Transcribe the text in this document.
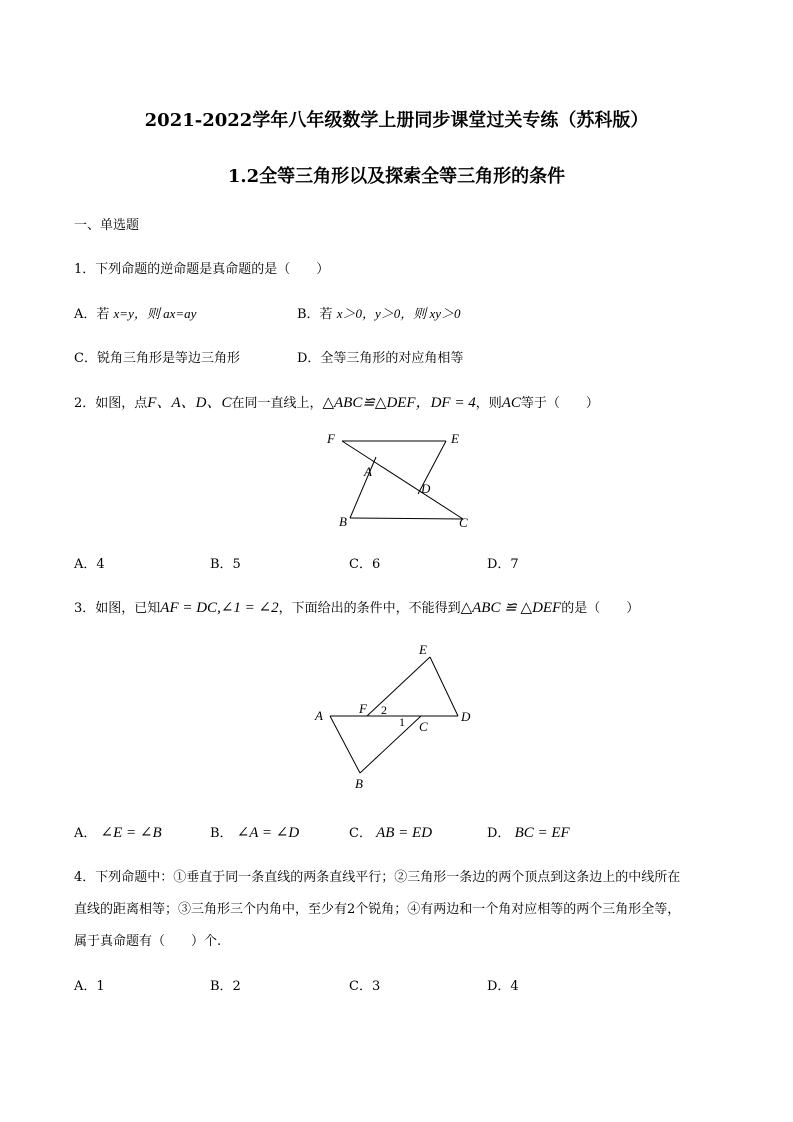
2021-2022学年八年级数学上册同步课堂过关专练（苏科版）
1.2全等三角形以及探索全等三角形的条件
一、单选题
1．下列命题的逆命题是真命题的是（　　）
A．若 x=y，则 ax=ay	B．若 x＞0，y＞0，则 xy＞0
C．锐角三角形是等边三角形	D．全等三角形的对应角相等
2．如图，点F、A、D、C在同一直线上，△ABC≌△DEF，DF = 4，则AC等于（　　）
F	E
A
D
B	C
A．4	B．5	C．6	D．7
3．如图，已知AF = DC,∠1 = ∠2，下面给出的条件中，不能得到△ABC ≌ △DEF的是（　　）
E
A	F 2
1 C
D
B
A． ∠E = ∠B	B． ∠A = ∠D	C． AB = ED	D． BC = EF
4．下列命题中：①垂直于同一条直线的两条直线平行；②三角形一条边的两个顶点到这条边上的中线所在
直线的距离相等；③三角形三个内角中，至少有2个锐角；④有两边和一个角对应相等的两个三角形全等，
属于真命题有（　　）个.
A．1	B．2	C．3	D．4
